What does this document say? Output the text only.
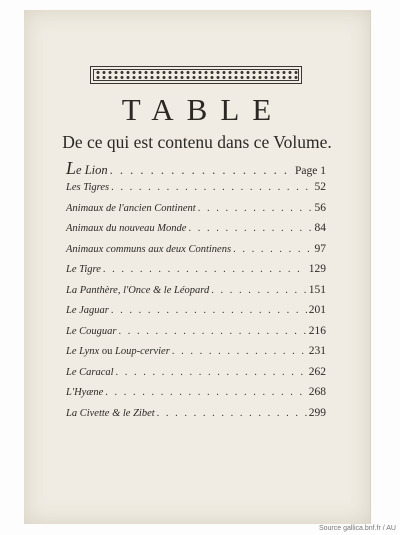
TABLE
De ce qui est contenu dans ce Volume.
Le Lion . . .	Page 1
Les Tigres . . .	52
Animaux de l'ancien Continent . . .	56
Animaux du nouveau Monde . . .	84
Animaux communs aux deux Continens . . .	97
Le Tigre . . .	129
La Panthère, l'Once & le Léopard . . .	151
Le Jaguar . . .	201
Le Couguar . . .	216
Le Lynx ou Loup-cervier . . .	231
Le Caracal . . .	262
L'Hyæne . . .	268
La Civette & le Zibet . . .	299
Source gallica.bnf.fr / AU
